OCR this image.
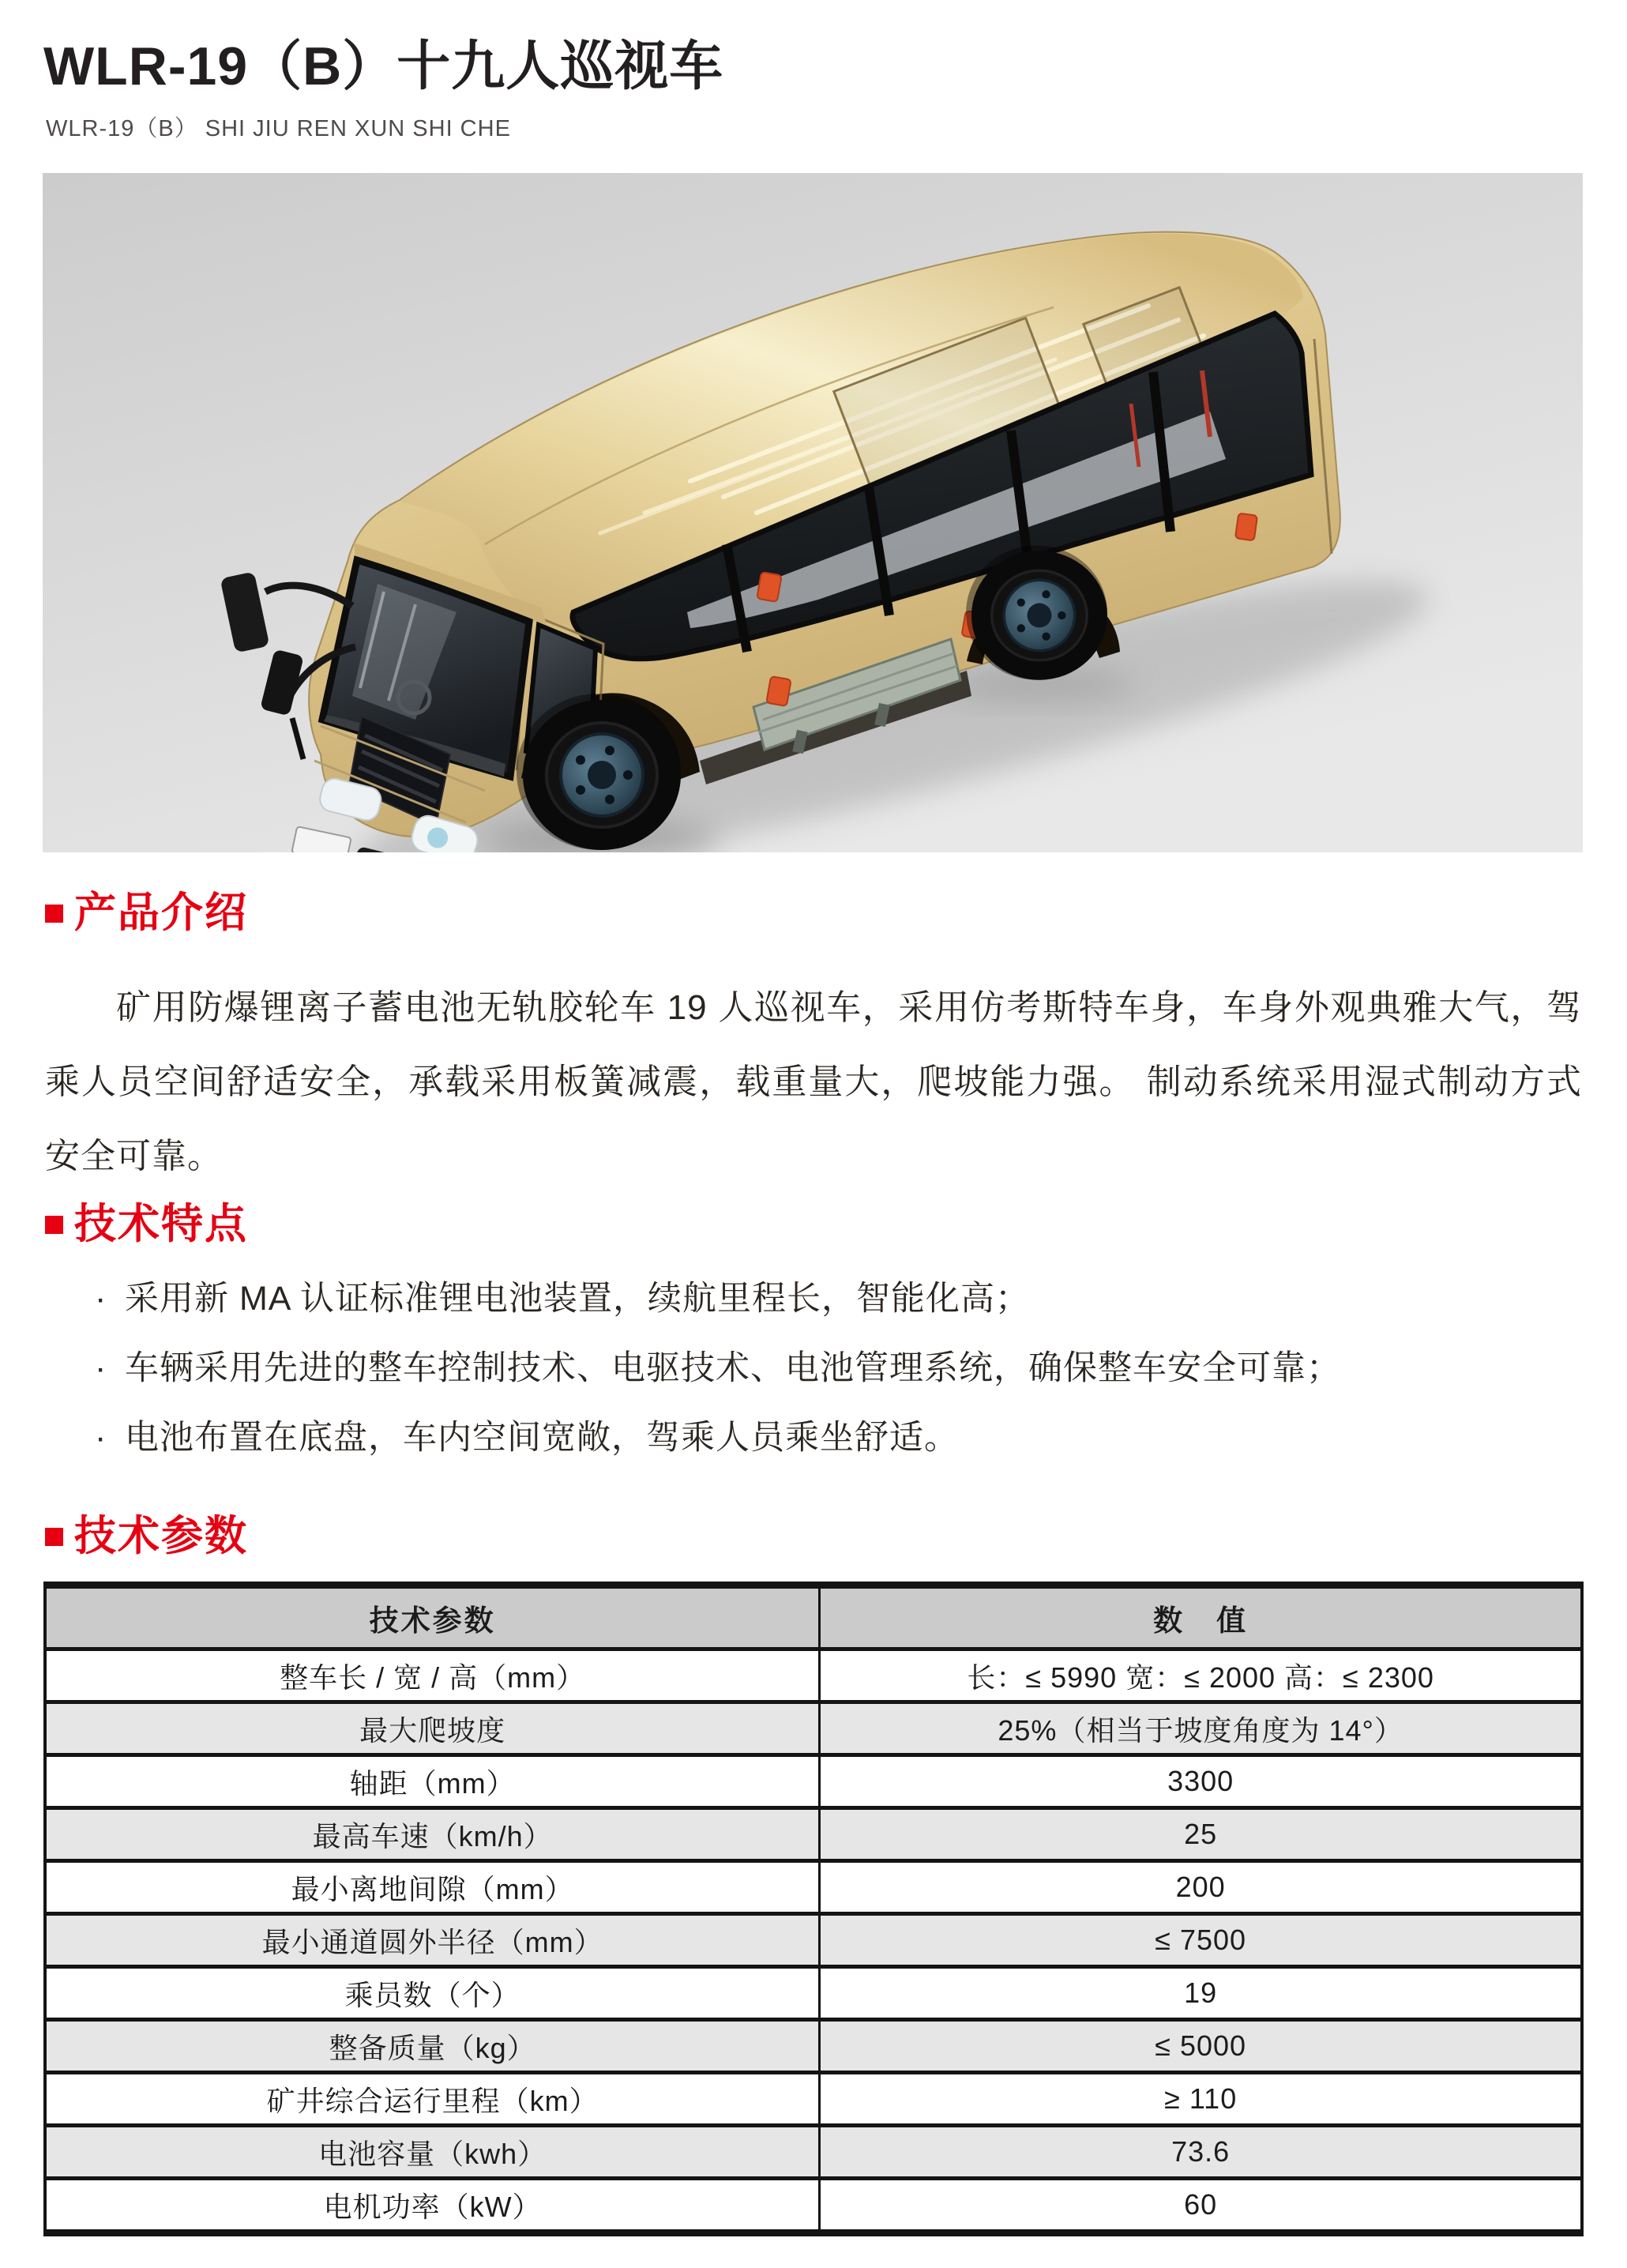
WLR-19（B）十九人巡视车
WLR-19（B） SHI JIU REN XUN SHI CHE
产品介绍

矿用防爆锂离子蓄电池无轨胶轮车 19 人巡视车，采用仿考斯特车身，车身外观典雅大气，驾乘人员空间舒适安全，承载采用板簧减震，载重量大，爬坡能力强。 制动系统采用湿式制动方式安全可靠。

技术特点
· 采用新 MA 认证标准锂电池装置，续航里程长，智能化高；
· 车辆采用先进的整车控制技术、电驱技术、电池管理系统，确保整车安全可靠；
· 电池布置在底盘，车内空间宽敞，驾乘人员乘坐舒适。
技术参数
技术参数	数　值
整车长 / 宽 / 高（mm）	长：≤ 5990 宽：≤ 2000 高：≤ 2300
最大爬坡度	25%（相当于坡度角度为 14°）
轴距（mm）	3300
最高车速（km/h）	25
最小离地间隙（mm）	200
最小通道圆外半径（mm）	≤ 7500
乘员数（个）	19
整备质量（kg）	≤ 5000
矿井综合运行里程（km）	≥ 110
电池容量（kwh）	73.6
电机功率（kW）	60
